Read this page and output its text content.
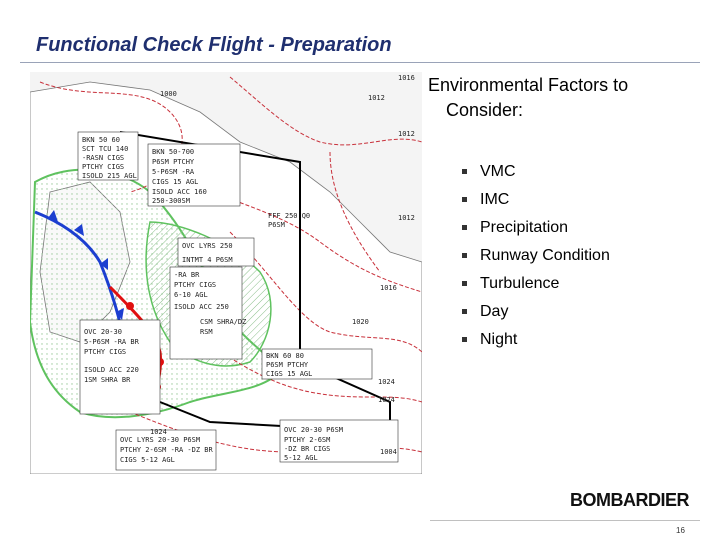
Functional Check Flight - Preparation
BKN 50 60
SCT TCU 140
-RASN CIGS
PTCHY CIGS
ISOLD 215 AGL
BKN 50-700
P6SM PTCHY
5-P6SM -RA
CIGS 15 AGL
ISOLD ACC 160
250-300SM
FFF 250 Q0
P6SM
OVC LYRS 250
INTMT 4 P6SM
-RA BR
PTCHY CIGS
6-10 AGL
ISOLD ACC 250
CSM SHRA/DZ
RSM
OVC 20-30
5-P6SM -RA BR
PTCHY CIGS
ISOLD ACC 220
1SM SHRA BR
BKN 60 80
P6SM PTCHY
CIGS 15 AGL
OVC 20-30 P6SM
PTCHY 2-6SM
-DZ BR CIGS
5-12 AGL
OVC LYRS 20-30 P6SM
PTCHY 2-6SM -RA -DZ BR
CIGS 5-12 AGL
1000	1012
1016
1012
1012
1016
1020
1024
1024
1024
1004
Environmental Factors to
Consider:
VMC
IMC
Precipitation
Runway Condition
Turbulence
Day
Night
BOMBARDIER
16
